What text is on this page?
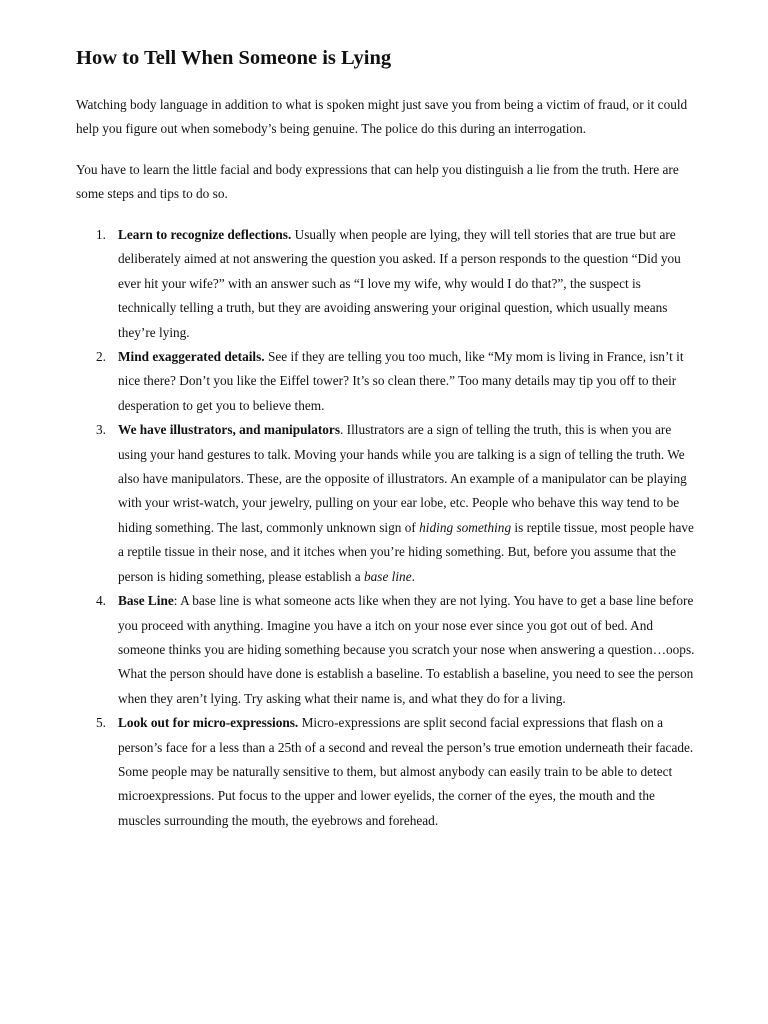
How to Tell When Someone is Lying

Watching body language in addition to what is spoken might just save you from being a victim of fraud, or it could help you figure out when somebody’s being genuine. The police do this during an interrogation.

You have to learn the little facial and body expressions that can help you distinguish a lie from the truth. Here are some steps and tips to do so.

1. Learn to recognize deflections. Usually when people are lying, they will tell stories that are true but are deliberately aimed at not answering the question you asked. If a person responds to the question “Did you ever hit your wife?” with an answer such as “I love my wife, why would I do that?”, the suspect is technically telling a truth, but they are avoiding answering your original question, which usually means they’re lying.
2. Mind exaggerated details. See if they are telling you too much, like “My mom is living in France, isn’t it nice there? Don’t you like the Eiffel tower? It’s so clean there.” Too many details may tip you off to their desperation to get you to believe them.
3. We have illustrators, and manipulators. Illustrators are a sign of telling the truth, this is when you are using your hand gestures to talk. Moving your hands while you are talking is a sign of telling the truth. We also have manipulators. These, are the opposite of illustrators. An example of a manipulator can be playing with your wrist-watch, your jewelry, pulling on your ear lobe, etc. People who behave this way tend to be hiding something. The last, commonly unknown sign of hiding something is reptile tissue, most people have a reptile tissue in their nose, and it itches when you’re hiding something. But, before you assume that the person is hiding something, please establish a base line.
4. Base Line: A base line is what someone acts like when they are not lying. You have to get a base line before you proceed with anything. Imagine you have a itch on your nose ever since you got out of bed. And someone thinks you are hiding something because you scratch your nose when answering a question…oops. What the person should have done is establish a baseline. To establish a baseline, you need to see the person when they aren’t lying. Try asking what their name is, and what they do for a living.
5. Look out for micro-expressions. Micro-expressions are split second facial expressions that flash on a person’s face for a less than a 25th of a second and reveal the person’s true emotion underneath their facade. Some people may be naturally sensitive to them, but almost anybody can easily train to be able to detect microexpressions. Put focus to the upper and lower eyelids, the corner of the eyes, the mouth and the muscles surrounding the mouth, the eyebrows and forehead.
